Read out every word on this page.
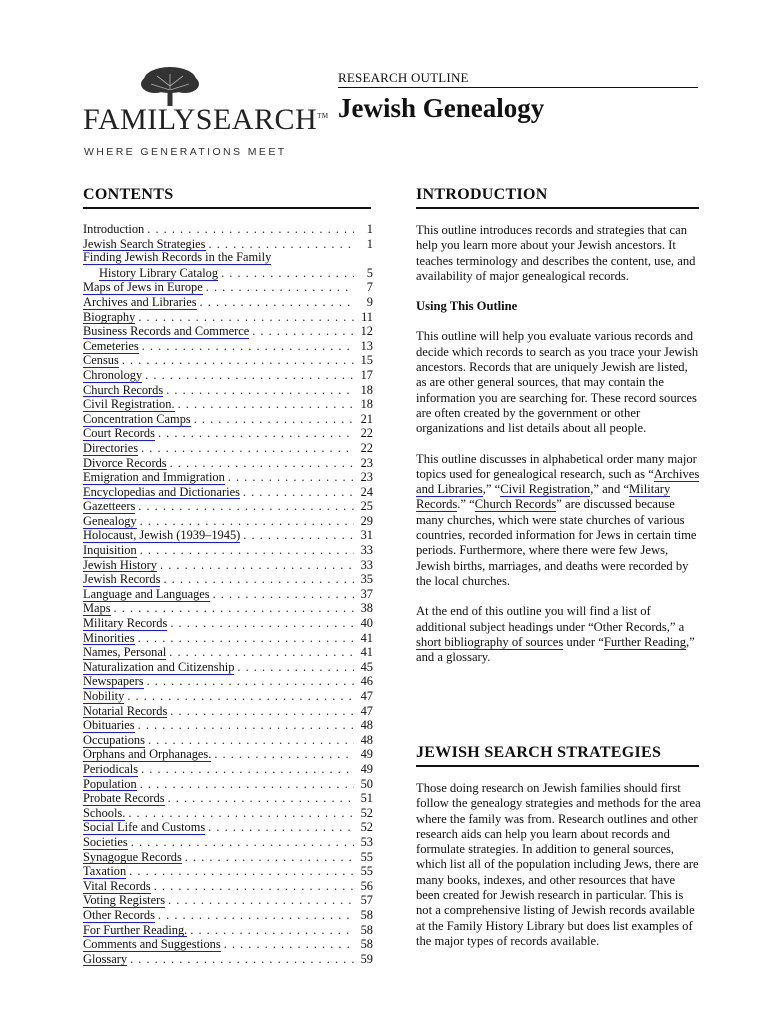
FAMILYSEARCH™
WHERE GENERATIONS MEET
RESEARCH OUTLINE
Jewish Genealogy
CONTENTS
Introduction . . .	1
Jewish Search Strategies . . .	1
Finding Jewish Records in the Family
History Library Catalog . . .	5
Maps of Jews in Europe . . .	7
Archives and Libraries . . .	9
Biography . . .	11
Business Records and Commerce . . .	12
Cemeteries . . .	13
Census . . .	15
Chronology . . .	17
Church Records . . .	18
Civil Registration. . . .	18
Concentration Camps . . .	21
Court Records . . .	22
Directories . . .	22
Divorce Records . . .	23
Emigration and Immigration . . .	23
Encyclopedias and Dictionaries . . .	24
Gazetteers . . .	25
Genealogy . . .	29
Holocaust, Jewish (1939–1945) . . .	31
Inquisition . . .	33
Jewish History . . .	33
Jewish Records . . .	35
Language and Languages . . .	37
Maps . . .	38
Military Records . . .	40
Minorities . . .	41
Names, Personal . . .	41
Naturalization and Citizenship . . .	45
Newspapers . . .	46
Nobility . . .	47
Notarial Records . . .	47
Obituaries . . .	48
Occupations . . .	48
Orphans and Orphanages. . . .	49
Periodicals . . .	49
Population . . .	50
Probate Records . . .	51
Schools. . . .	52
Social Life and Customs . . .	52
Societies . . .	53
Synagogue Records . . .	55
Taxation . . .	55
Vital Records . . .	56
Voting Registers . . .	57
Other Records . . .	58
For Further Reading. . . .	58
Comments and Suggestions . . .	58
Glossary . . .	59
INTRODUCTION

This outline introduces records and strategies that can help you learn more about your Jewish ancestors. It teaches terminology and describes the content, use, and availability of major genealogical records.

Using This Outline

This outline will help you evaluate various records and decide which records to search as you trace your Jewish ancestors. Records that are uniquely Jewish are listed, as are other general sources, that may contain the information you are searching for. These record sources are often created by the government or other organizations and list details about all people.

This outline discusses in alphabetical order many major topics used for genealogical research, such as “Archives and Libraries,” “Civil Registration,” and “Military Records.” “Church Records” are discussed because many churches, which were state churches of various countries, recorded information for Jews in certain time periods. Furthermore, where there were few Jews, Jewish births, marriages, and deaths were recorded by the local churches.

At the end of this outline you will find a list of additional subject headings under “Other Records,” a short bibliography of sources under “Further Reading,” and a glossary.

JEWISH SEARCH STRATEGIES

Those doing research on Jewish families should first follow the genealogy strategies and methods for the area where the family was from. Research outlines and other research aids can help you learn about records and formulate strategies. In addition to general sources, which list all of the population including Jews, there are many books, indexes, and other resources that have been created for Jewish research in particular. This is not a comprehensive listing of Jewish records available at the Family History Library but does list examples of the major types of records available.
